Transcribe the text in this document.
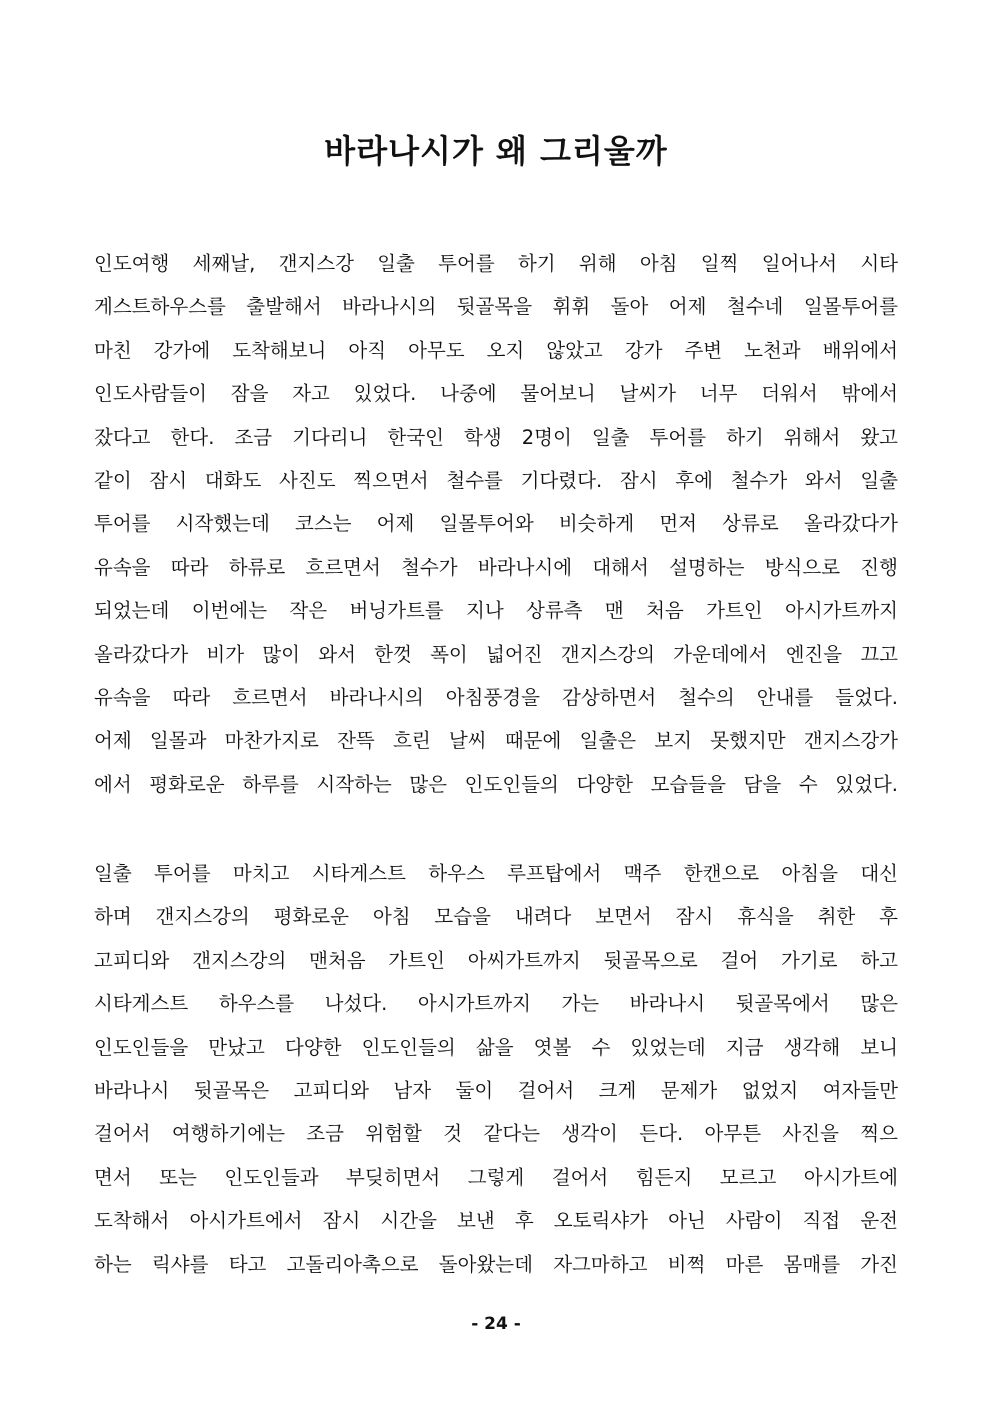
바라나시가 왜 그리울까
인도여행 세째날, 갠지스강 일출 투어를 하기 위해 아침 일찍 일어나서 시타
게스트하우스를 출발해서 바라나시의 뒷골목을 휘휘 돌아 어제 철수네 일몰투어를
마친 강가에 도착해보니 아직 아무도 오지 않았고 강가 주변 노천과 배위에서
인도사람들이 잠을 자고 있었다. 나중에 물어보니 날씨가 너무 더워서 밖에서
잤다고 한다. 조금 기다리니 한국인 학생 2명이 일출 투어를 하기 위해서 왔고
같이 잠시 대화도 사진도 찍으면서 철수를 기다렸다. 잠시 후에 철수가 와서 일출
투어를 시작했는데 코스는 어제 일몰투어와 비슷하게 먼저 상류로 올라갔다가
유속을 따라 하류로 흐르면서 철수가 바라나시에 대해서 설명하는 방식으로 진행
되었는데 이번에는 작은 버닝가트를 지나 상류측 맨 처음 가트인 아시가트까지
올라갔다가 비가 많이 와서 한껏 폭이 넓어진 갠지스강의 가운데에서 엔진을 끄고
유속을 따라 흐르면서 바라나시의 아침풍경을 감상하면서 철수의 안내를 들었다.
어제 일몰과 마찬가지로 잔뜩 흐린 날씨 때문에 일출은 보지 못했지만 갠지스강가
에서 평화로운 하루를 시작하는 많은 인도인들의 다양한 모습들을 담을 수 있었다.
일출 투어를 마치고 시타게스트 하우스 루프탑에서 맥주 한캔으로 아침을 대신
하며 갠지스강의 평화로운 아침 모습을 내려다 보면서 잠시 휴식을 취한 후
고피디와 갠지스강의 맨처음 가트인 아씨가트까지 뒷골목으로 걸어 가기로 하고
시타게스트 하우스를 나섰다. 아시가트까지 가는 바라나시 뒷골목에서 많은
인도인들을 만났고 다양한 인도인들의 삶을 엿볼 수 있었는데 지금 생각해 보니
바라나시 뒷골목은 고피디와 남자 둘이 걸어서 크게 문제가 없었지 여자들만
걸어서 여행하기에는 조금 위험할 것 같다는 생각이 든다. 아무튼 사진을 찍으
면서 또는 인도인들과 부딪히면서 그렇게 걸어서 힘든지 모르고 아시가트에
도착해서 아시가트에서 잠시 시간을 보낸 후 오토릭샤가 아닌 사람이 직접 운전
하는 릭샤를 타고 고돌리아촉으로 돌아왔는데 자그마하고 비쩍 마른 몸매를 가진
- 24 -
